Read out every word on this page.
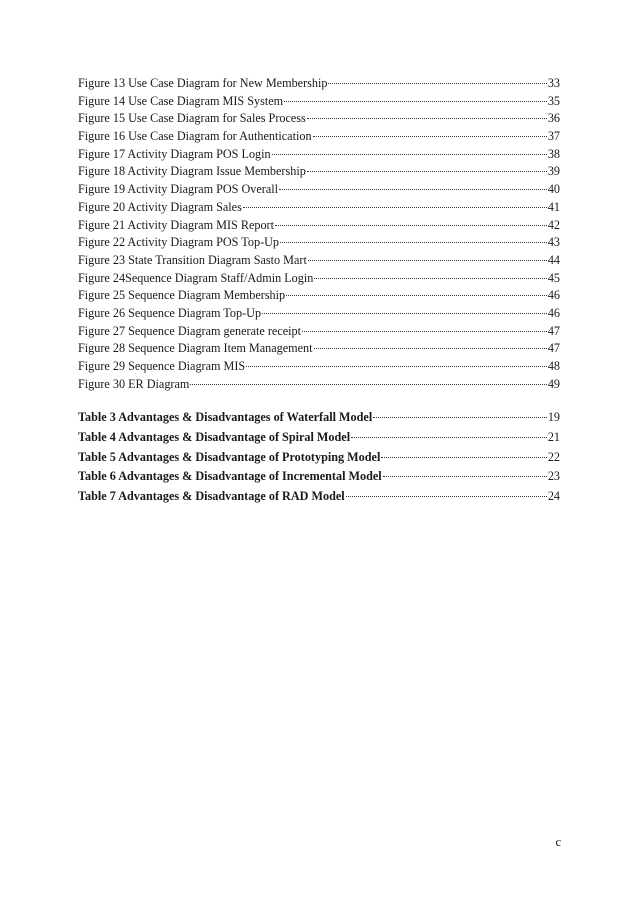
Figure 13 Use Case Diagram for New Membership	33
Figure 14 Use Case Diagram MIS System	35
Figure 15 Use Case Diagram for Sales Process	36
Figure 16 Use Case Diagram for Authentication	37
Figure 17 Activity Diagram POS Login	38
Figure 18 Activity Diagram Issue Membership	39
Figure 19 Activity Diagram POS Overall	40
Figure 20 Activity Diagram Sales	41
Figure 21 Activity Diagram MIS Report	42
Figure 22 Activity Diagram POS Top-Up	43
Figure 23 State Transition Diagram Sasto Mart	44
Figure 24Sequence Diagram Staff/Admin Login	45
Figure 25 Sequence Diagram Membership	46
Figure 26 Sequence Diagram Top-Up	46
Figure 27 Sequence Diagram generate receipt	47
Figure 28 Sequence Diagram Item Management	47
Figure 29 Sequence Diagram MIS	48
Figure 30 ER Diagram	49
Table 3 Advantages & Disadvantages of Waterfall Model	19
Table 4 Advantages & Disadvantage of Spiral Model	21
Table 5 Advantages & Disadvantage of Prototyping Model	22
Table 6 Advantages & Disadvantage of Incremental Model	23
Table 7 Advantages & Disadvantage of RAD Model	24
c
